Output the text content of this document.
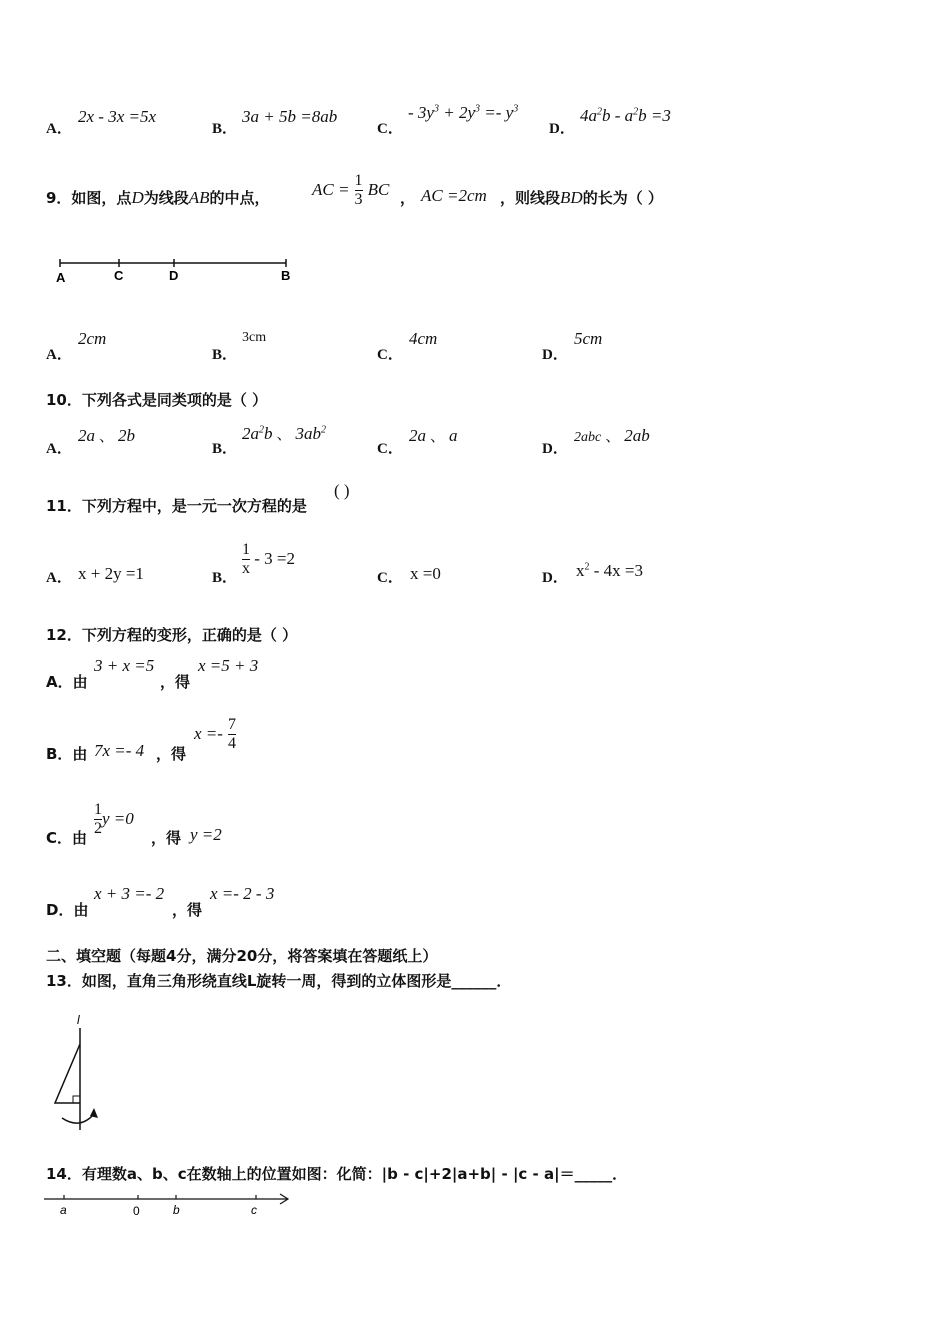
A．
2x - 3x =5x
B．
3a + 5b =8ab
C．
- $3y^3 + 2y^3 =- y^3$
D．
$4a^2b - a^2b =3$
9．如图，点D为线段AB的中点， AC = $\frac{1}{3}$ BC ， AC =2cm ，则线段BD的长为（ ）
A	C	D	B
A．
2cm
B．
3cm
C．
4cm
D．
5cm
10．下列各式是同类项的是（ ）
A．
2a 、 2b
B．
$2a^2b$ 、 $3ab^2$
C．
2a 、 a
D．
2abc 、 2ab
11．下列方程中，是一元一次方程的是
( )
A． x + 2y =1	B． $\frac{1}{x} - 3 =2$
C． x =0	D． $x^2 - 4x =3$
12．下列方程的变形，正确的是（ ）
A．由
3 + x =5
，得
x =5 + 3
B．由 7x =- 4 ，得
$x =- \frac{7}{4}$
C．由 $\frac{1}{2}$ y =0
，得 y =2
D．由
x + 3 =- 2
，得
x =- 2 - 3
二、填空题（每题4分，满分20分，将答案填在答题纸上）
13．如图，直角三角形绕直线L旋转一周，得到的立体图形是______．
l
14．有理数a、b、c在数轴上的位置如图：化简：|b - c|+2|a+b| - |c - a|＝_____．
a	0	b	c
